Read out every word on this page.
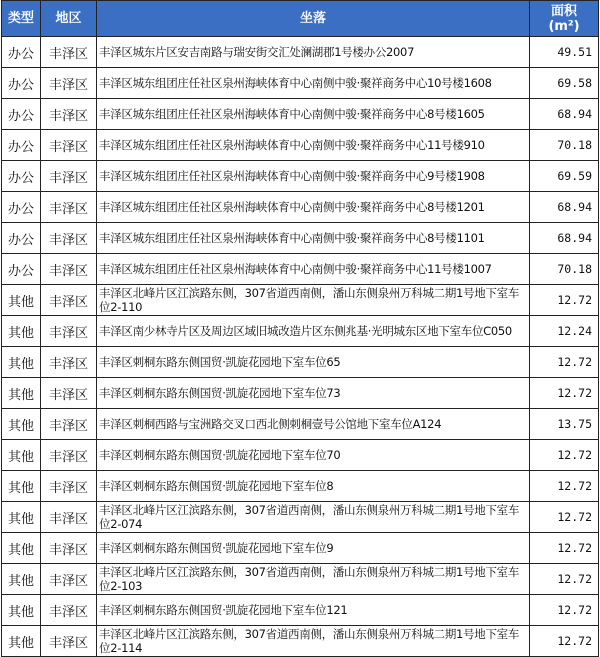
类型	地区	坐落	面积
(m²)
办公	丰泽区	丰泽区城东片区安吉南路与瑞安街交汇处澜湖郡1号楼办公2007	49.51
办公	丰泽区	丰泽区城东组团庄任社区泉州海峡体育中心南侧中骏·聚祥商务中心10号楼1608	69.58
办公	丰泽区	丰泽区城东组团庄任社区泉州海峡体育中心南侧中骏·聚祥商务中心8号楼1605	68.94
办公	丰泽区	丰泽区城东组团庄任社区泉州海峡体育中心南侧中骏·聚祥商务中心11号楼910	70.18
办公	丰泽区	丰泽区城东组团庄任社区泉州海峡体育中心南侧中骏·聚祥商务中心9号楼1908	69.59
办公	丰泽区	丰泽区城东组团庄任社区泉州海峡体育中心南侧中骏·聚祥商务中心8号楼1201	68.94
办公	丰泽区	丰泽区城东组团庄任社区泉州海峡体育中心南侧中骏·聚祥商务中心8号楼1101	68.94
办公	丰泽区	丰泽区城东组团庄任社区泉州海峡体育中心南侧中骏·聚祥商务中心11号楼1007	70.18
其他	丰泽区	丰泽区北峰片区江滨路东侧，307省道西南侧，潘山东侧泉州万科城二期1号地下室车位2-110	12.72
其他	丰泽区	丰泽区南少林寺片区及周边区域旧城改造片区东侧兆基·光明城东区地下室车位C050	12.24
其他	丰泽区	丰泽区刺桐东路东侧国贸·凯旋花园地下室车位65	12.72
其他	丰泽区	丰泽区刺桐东路东侧国贸·凯旋花园地下室车位73	12.72
其他	丰泽区	丰泽区刺桐西路与宝洲路交叉口西北侧刺桐壹号公馆地下室车位A124	13.75
其他	丰泽区	丰泽区刺桐东路东侧国贸·凯旋花园地下室车位70	12.72
其他	丰泽区	丰泽区刺桐东路东侧国贸·凯旋花园地下室车位8	12.72
其他	丰泽区	丰泽区北峰片区江滨路东侧，307省道西南侧，潘山东侧泉州万科城二期1号地下室车位2-074	12.72
其他	丰泽区	丰泽区刺桐东路东侧国贸·凯旋花园地下室车位9	12.72
其他	丰泽区	丰泽区北峰片区江滨路东侧，307省道西南侧，潘山东侧泉州万科城二期1号地下室车位2-103	12.72
其他	丰泽区	丰泽区刺桐东路东侧国贸·凯旋花园地下室车位121	12.72
其他	丰泽区	丰泽区北峰片区江滨路东侧，307省道西南侧，潘山东侧泉州万科城二期1号地下室车位2-114	12.72
